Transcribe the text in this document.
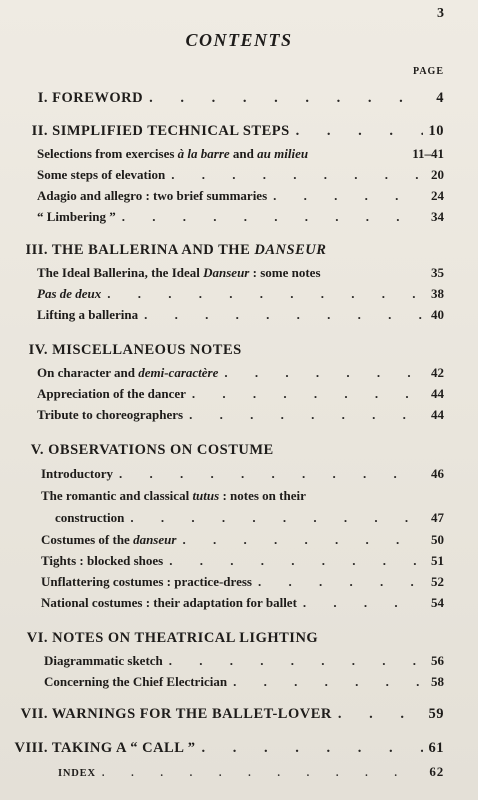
3
CONTENTS
PAGE
I. FOREWORD . . .	4
II. SIMPLIFIED TECHNICAL STEPS . . .	10
Selections from exercises à la barre and au milieu	11–41
Some steps of elevation . . .	20
Adagio and allegro : two brief summaries . . .	24
“ Limbering ” . . .	34
III. THE BALLERINA AND THE DANSEUR
The Ideal Ballerina, the Ideal Danseur : some notes	35
Pas de deux . . .	38
Lifting a ballerina . . .	40
IV. MISCELLANEOUS NOTES
On character and demi-caractère . . .	42
Appreciation of the dancer . . .	44
Tribute to choreographers . . .	44
V. OBSERVATIONS ON COSTUME
Introductory . . .	46
The romantic and classical tutus : notes on their
construction . . .	47
Costumes of the danseur . . .	50
Tights : blocked shoes . . .	51
Unflattering costumes : practice-dress . . .	52
National costumes : their adaptation for ballet . . .	54
VI. NOTES ON THEATRICAL LIGHTING
Diagrammatic sketch . . .	56
Concerning the Chief Electrician . . .	58
VII. WARNINGS FOR THE BALLET-LOVER . . .	59
VIII. TAKING A “ CALL ” . . .	61
INDEX . . .	62
